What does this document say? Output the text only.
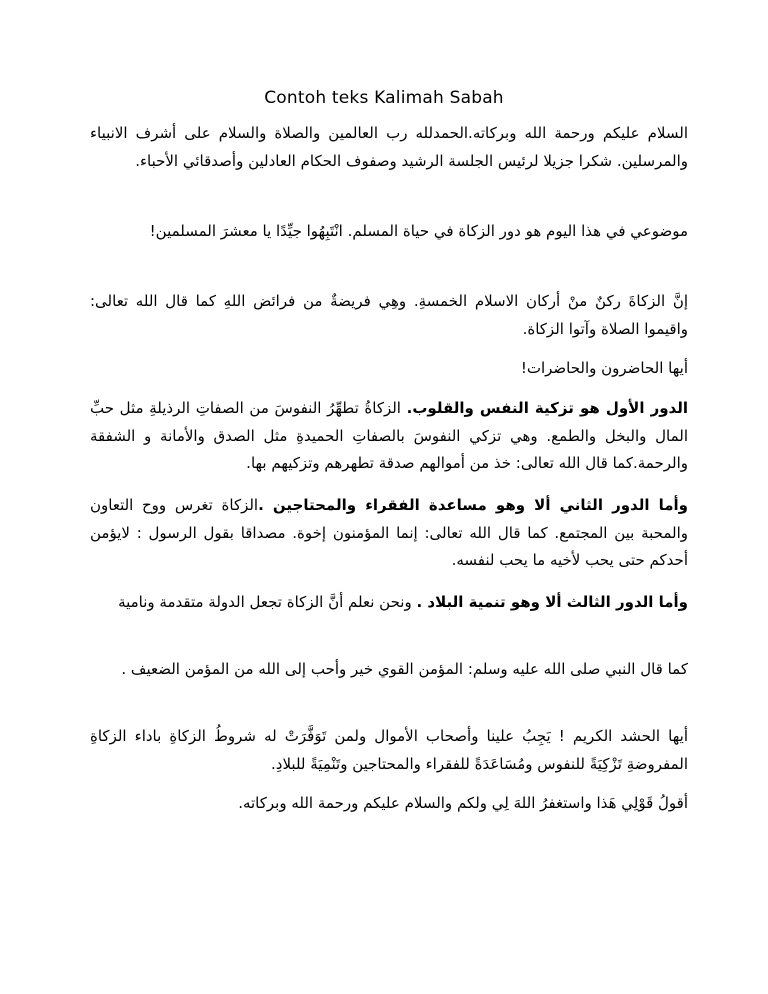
Contoh teks Kalimah Sabah

السلام عليكم ورحمة الله وبركاته.الحمدلله رب العالمين والصلاة والسلام على أشرف الانبياء والمرسلين. شكرا جزيلا لرئيس الجلسة الرشيد وصفوف الحكام العادلين وأصدقائي الأحباء.

موضوعي في هذا اليوم هو دور الزكاة في حياة المسلم. انْتَبِهُوا جيِّدًا يا معشرَ المسلمين!

إنَّ الزكاةَ ركنٌ منْ أركان الاسلام الخمسةِ. وهِي فريضةٌ من فرائض اللهِ كما قال الله تعالى: واقيموا الصلاة وآتوا الزكاة.

أيها الحاضرون والحاضرات!

الدور الأول هو تزكية النفس والقلوب. الزكاةُ تطهِّرُ النفوسَ من الصفاتِ الرذيلةِ مثل حبِّ المال والبخل والطمع. وهي تزكي النفوسَ بالصفاتِ الحميدةِ مثل الصدق والأمانة و الشفقة والرحمة.كما قال الله تعالى: خذ من أموالهم صدقة تطهرهم وتزكيهم بها.

وأما الدور الثاني ألا وهو مساعدة الفقراء والمحتاجين .الزكاة تغرس ووح التعاون والمحبة بين المجتمع. كما قال الله تعالى: إنما المؤمنون إخوة. مصداقا بقول الرسول : لايؤمن أحدكم حتى يحب لأخيه ما يحب لنفسه.

وأما الدور الثالث ألا وهو تنمية البلاد . ونحن نعلم أنَّ الزكاة تجعل الدولة متقدمة ونامية

كما قال النبي صلى الله عليه وسلم: المؤمن القوي خير وأحب إلى الله من المؤمن الضعيف .

أيها الحشد الكريم ! يَجِبُ علينا وأصحاب الأموال ولمن تَوَفَّرَتْ له شروطُ الزكاةِ باداء الزكاةِ المفروضةِ تَزْكِيَةً للنفوس ومُسَاعَدَةً للفقراء والمحتاجين وتَنْمِيَةً للبلادِ.

أقولُ قَوْلِي هَذا واستغفرُ اللهَ لِي ولكم والسلام عليكم ورحمة الله وبركاته.
